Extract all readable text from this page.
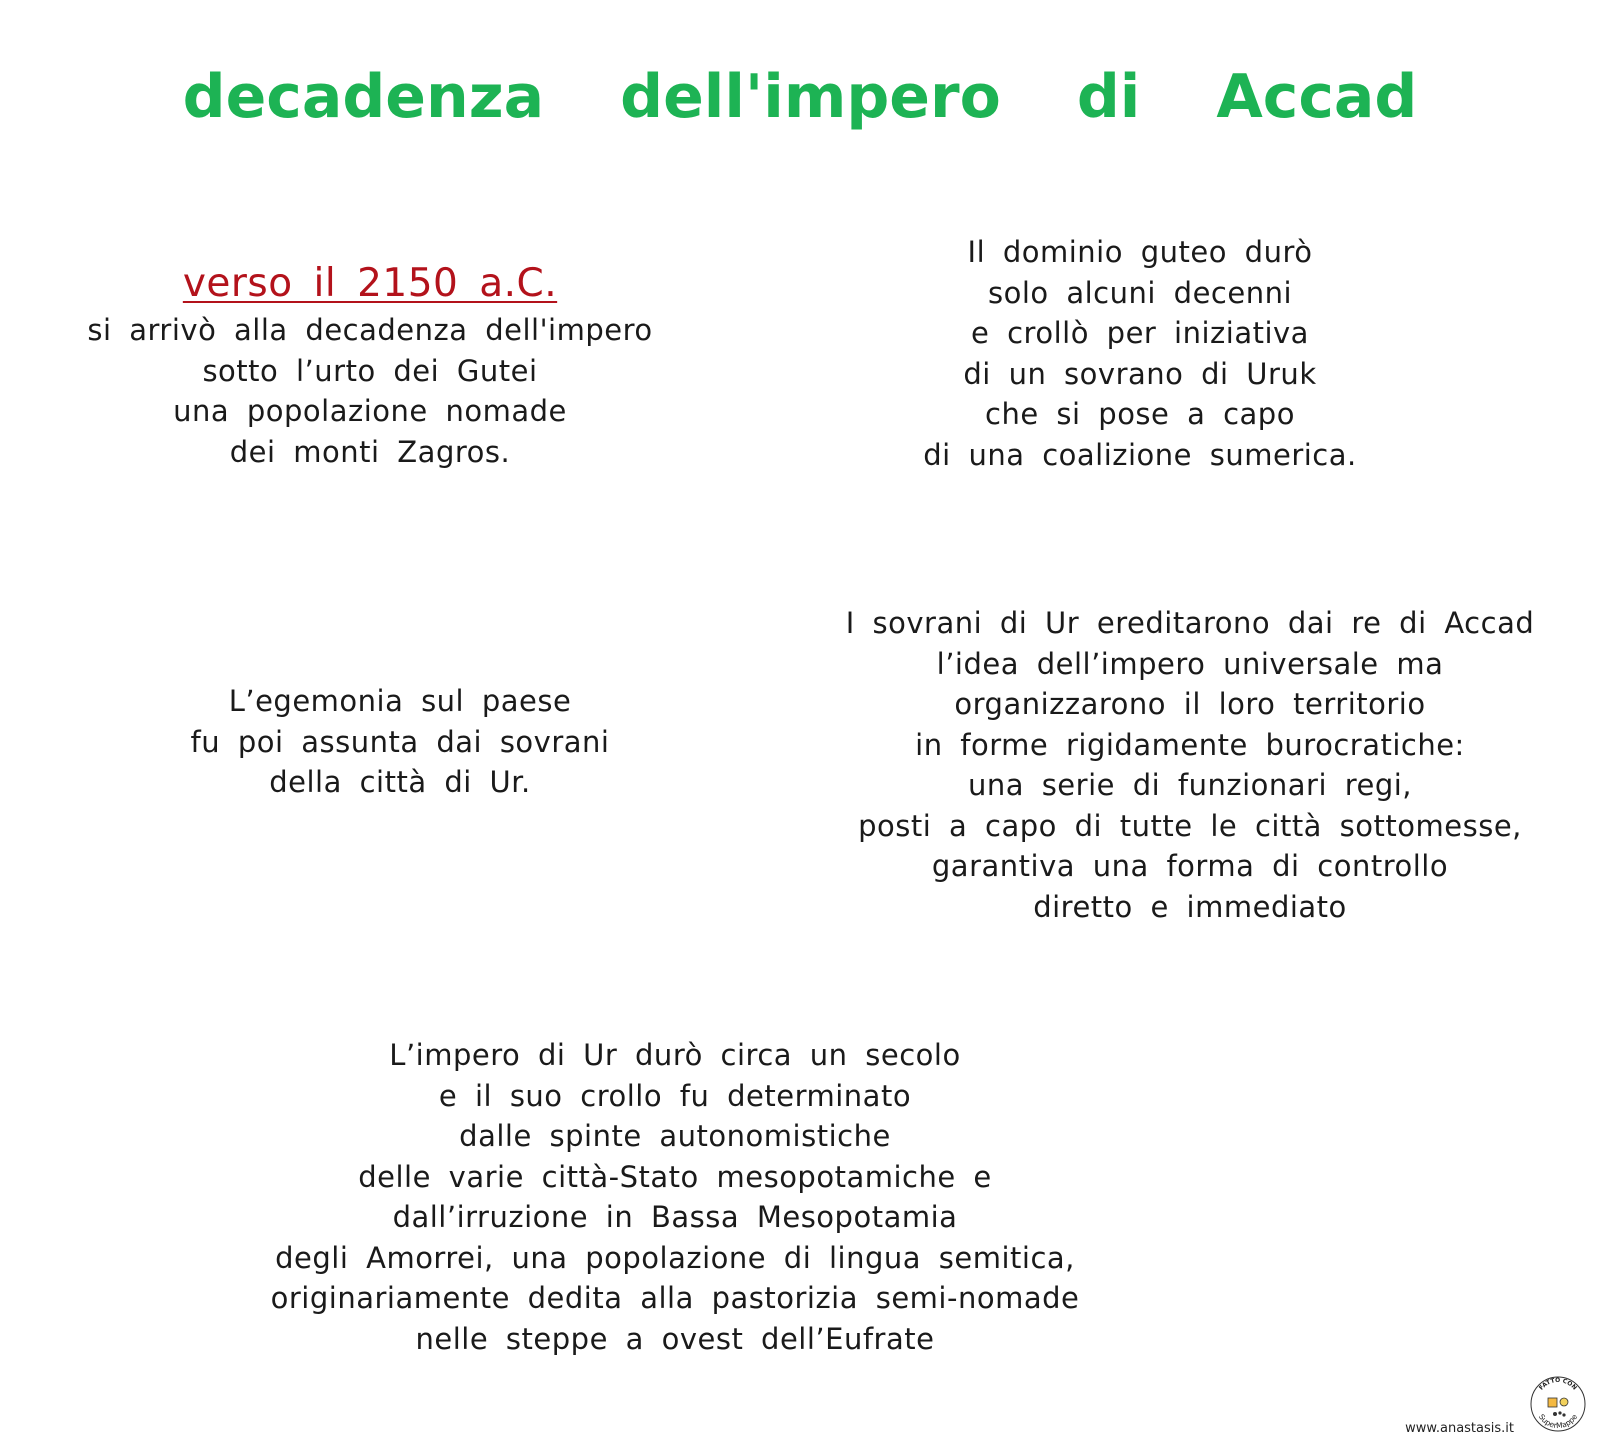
decadenza dell'impero di Accad
verso il 2150 a.C.
si arrivò alla decadenza dell'impero
sotto l’urto dei Gutei
una popolazione nomade
dei monti Zagros.
Il dominio guteo durò
solo alcuni decenni
e crollò per iniziativa
di un sovrano di Uruk
che si pose a capo
di una coalizione sumerica.
L’egemonia sul paese
fu poi assunta dai sovrani
della città di Ur.
I sovrani di Ur ereditarono dai re di Accad
l’idea dell’impero universale ma
organizzarono il loro territorio
in forme rigidamente burocratiche:
una serie di funzionari regi,
posti a capo di tutte le città sottomesse,
garantiva una forma di controllo
diretto e immediato
L’impero di Ur durò circa un secolo
e il suo crollo fu determinato
dalle spinte autonomistiche
delle varie città-Stato mesopotamiche e
dall’irruzione in Bassa Mesopotamia
degli Amorrei, una popolazione di lingua semitica,
originariamente dedita alla pastorizia semi-nomade
nelle steppe a ovest dell’Eufrate
www.anastasis.it
FATTO CON
SuperMappe
